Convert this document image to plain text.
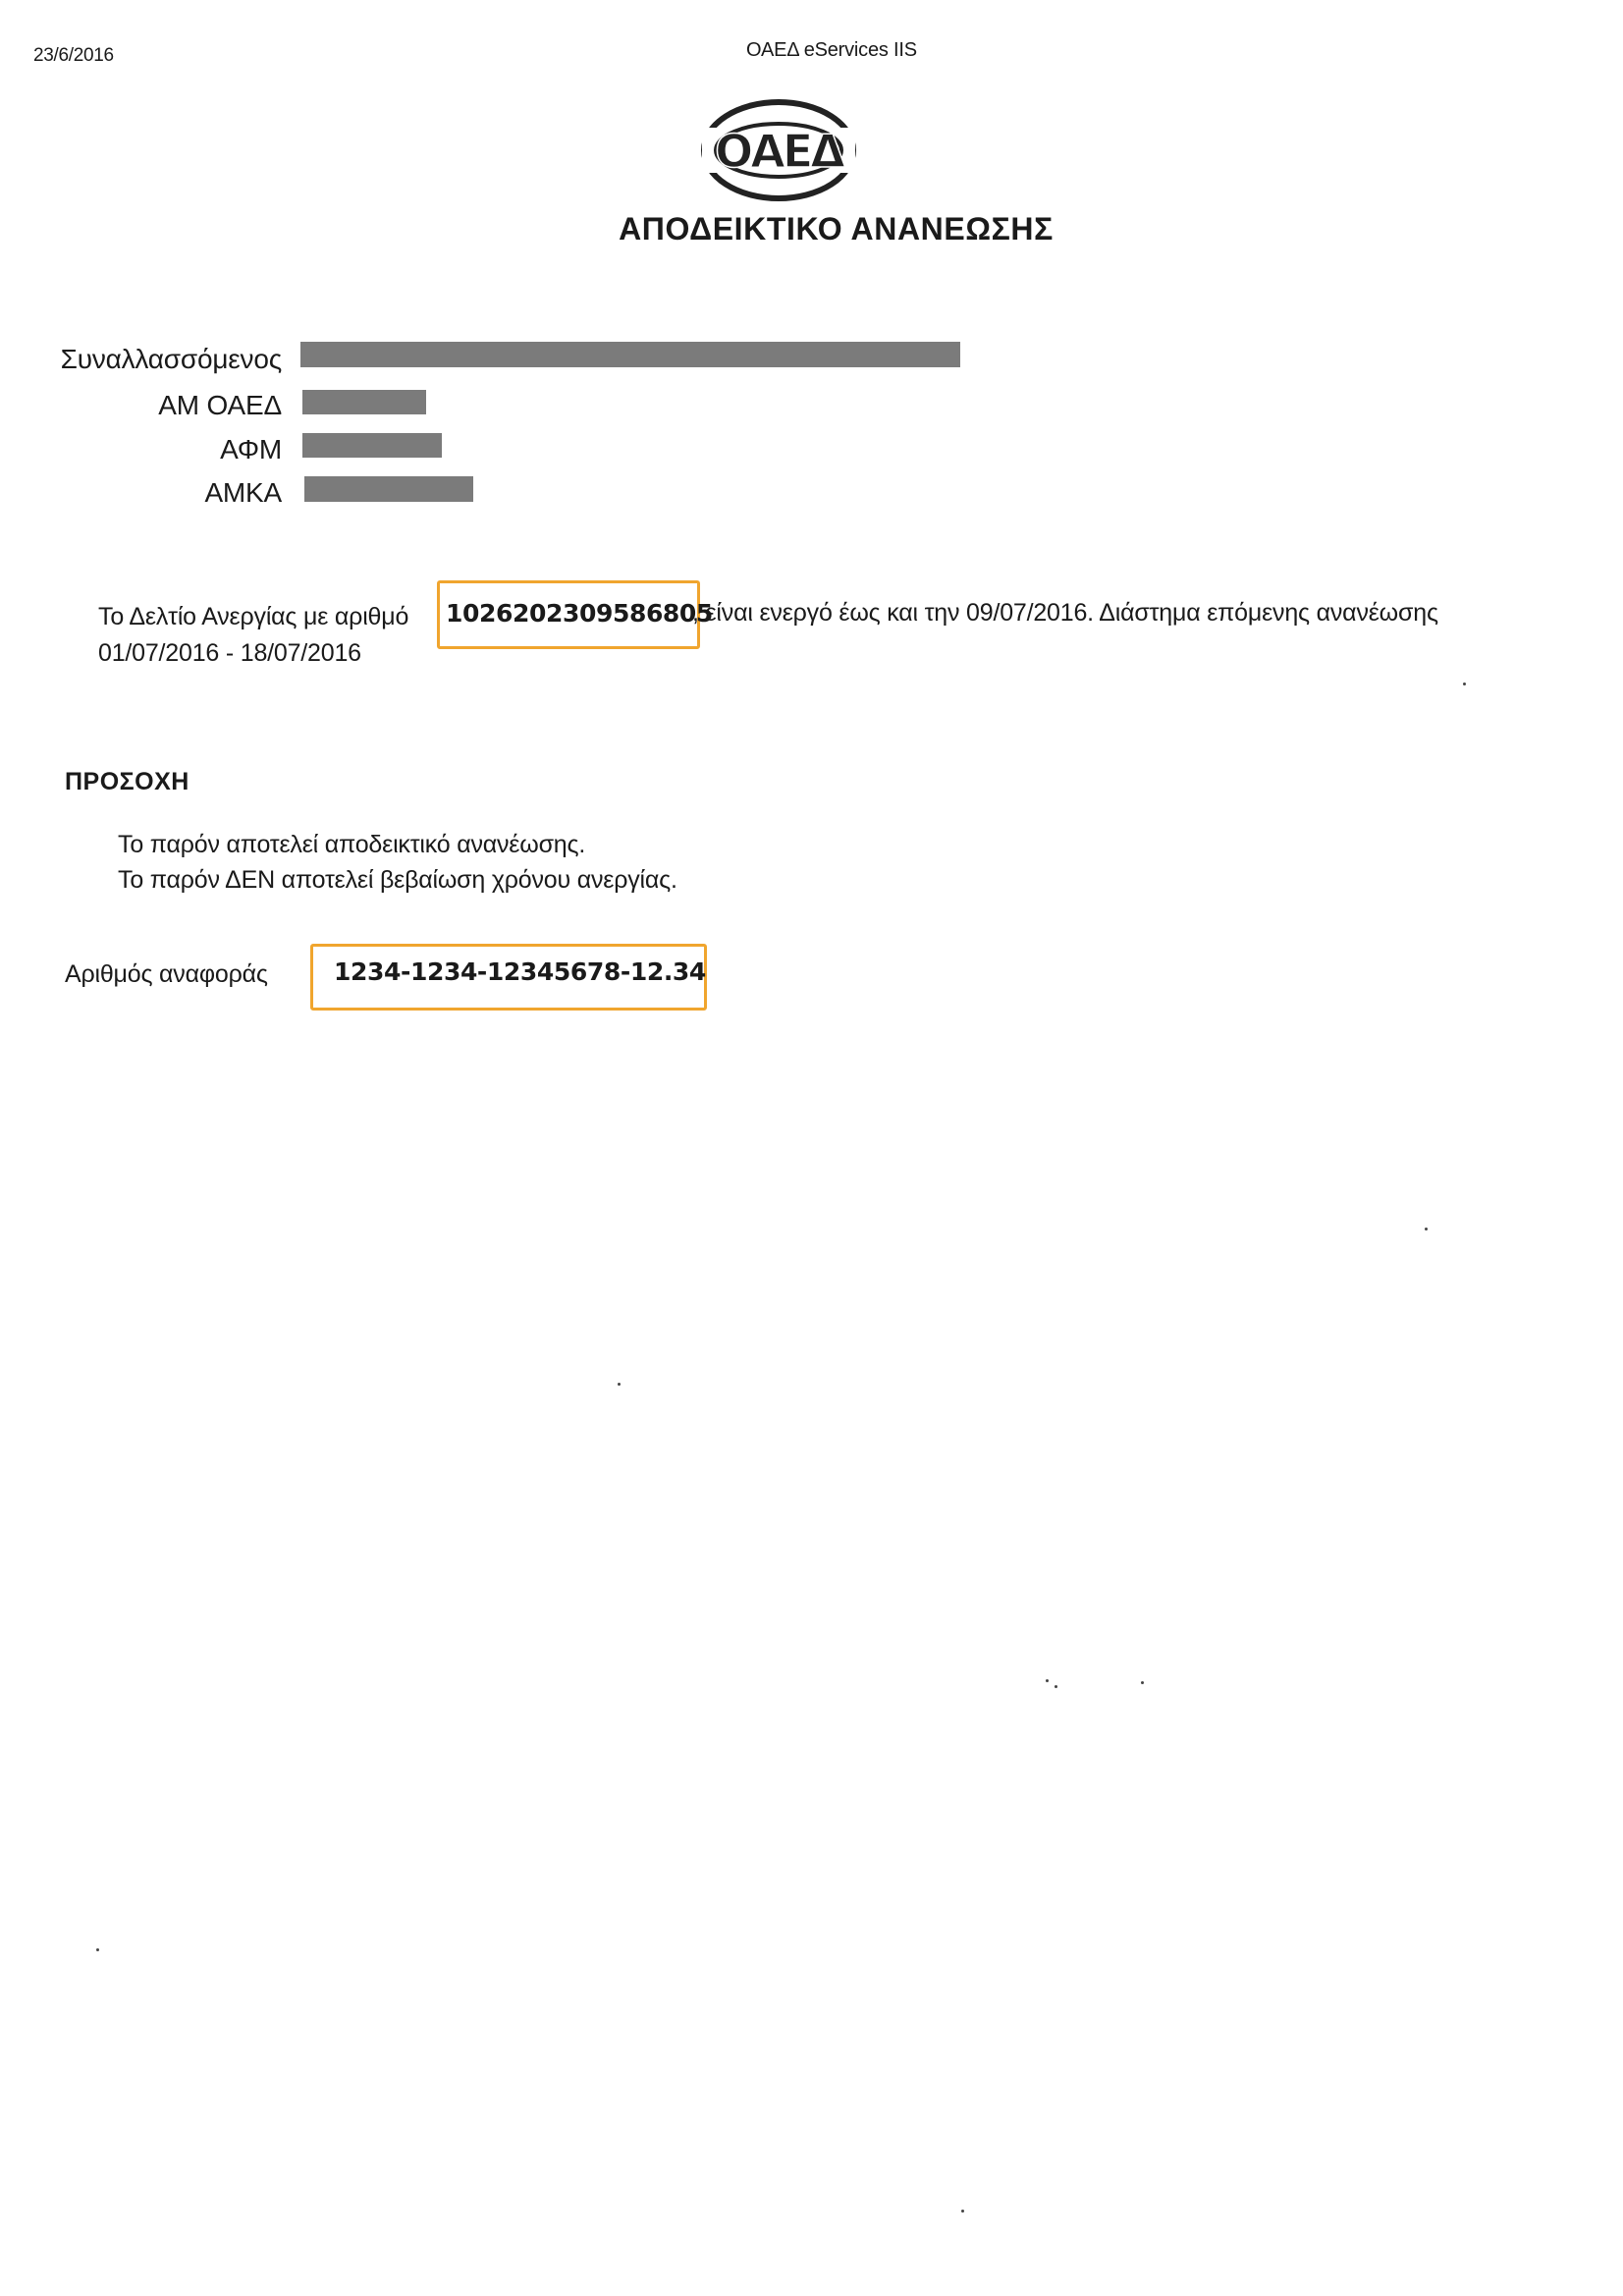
23/6/2016	ΟΑΕΔ eServices IIS
ΟΑΕΔ
ΑΠΟΔΕΙΚΤΙΚΟ ΑΝΑΝΕΩΣΗΣ
Συναλλασσόμενος
ΑΜ ΟΑΕΔ
ΑΦΜ
ΑΜΚΑ
Το Δελτίο Ανεργίας με αριθμό 1026202309586805
, είναι ενεργό έως και την 09/07/2016. Διάστημα επόμενης ανανέωσης
01/07/2016 - 18/07/2016
ΠΡΟΣΟΧΗ
Το παρόν αποτελεί αποδεικτικό ανανέωσης.
Το παρόν ΔΕΝ αποτελεί βεβαίωση χρόνου ανεργίας.
Αριθμός αναφοράς	1234-1234-12345678-12.34
